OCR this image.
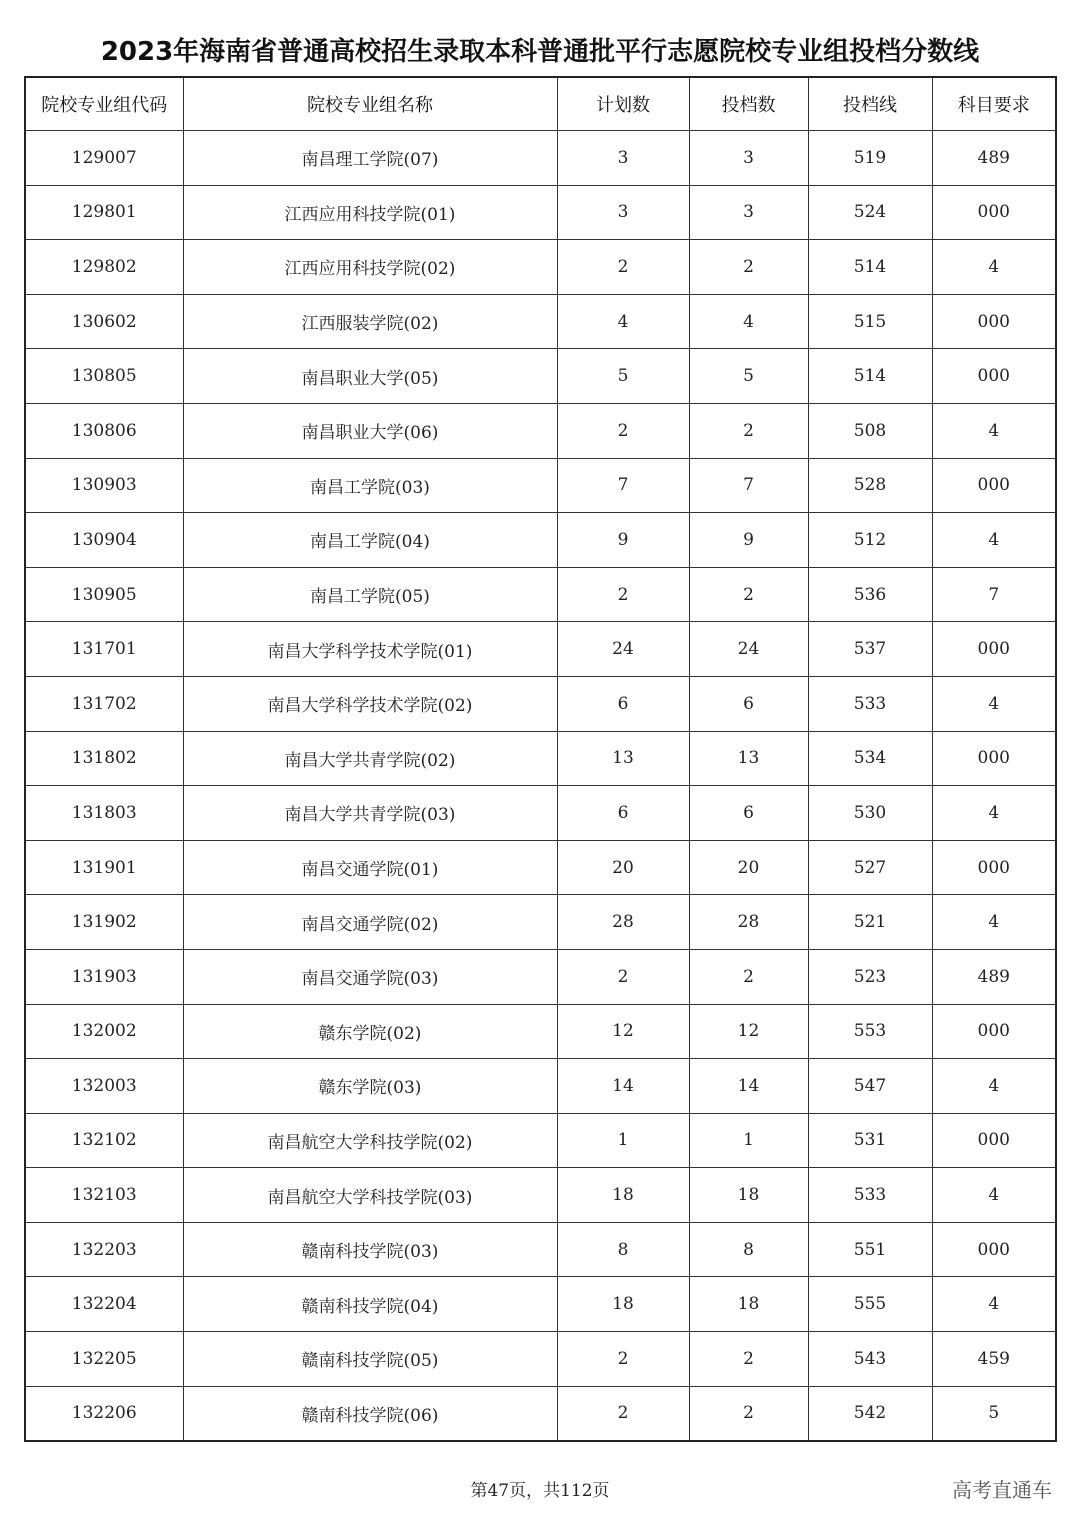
2023年海南省普通高校招生录取本科普通批平行志愿院校专业组投档分数线
院校专业组代码	院校专业组名称	计划数	投档数	投档线	科目要求
129007	南昌理工学院(07)	3	3	519	489
129801	江西应用科技学院(01)	3	3	524	000
129802	江西应用科技学院(02)	2	2	514	4
130602	江西服装学院(02)	4	4	515	000
130805	南昌职业大学(05)	5	5	514	000
130806	南昌职业大学(06)	2	2	508	4
130903	南昌工学院(03)	7	7	528	000
130904	南昌工学院(04)	9	9	512	4
130905	南昌工学院(05)	2	2	536	7
131701	南昌大学科学技术学院(01)	24	24	537	000
131702	南昌大学科学技术学院(02)	6	6	533	4
131802	南昌大学共青学院(02)	13	13	534	000
131803	南昌大学共青学院(03)	6	6	530	4
131901	南昌交通学院(01)	20	20	527	000
131902	南昌交通学院(02)	28	28	521	4
131903	南昌交通学院(03)	2	2	523	489
132002	赣东学院(02)	12	12	553	000
132003	赣东学院(03)	14	14	547	4
132102	南昌航空大学科技学院(02)	1	1	531	000
132103	南昌航空大学科技学院(03)	18	18	533	4
132203	赣南科技学院(03)	8	8	551	000
132204	赣南科技学院(04)	18	18	555	4
132205	赣南科技学院(05)	2	2	543	459
132206	赣南科技学院(06)	2	2	542	5
第47页，共112页	高考直通车
